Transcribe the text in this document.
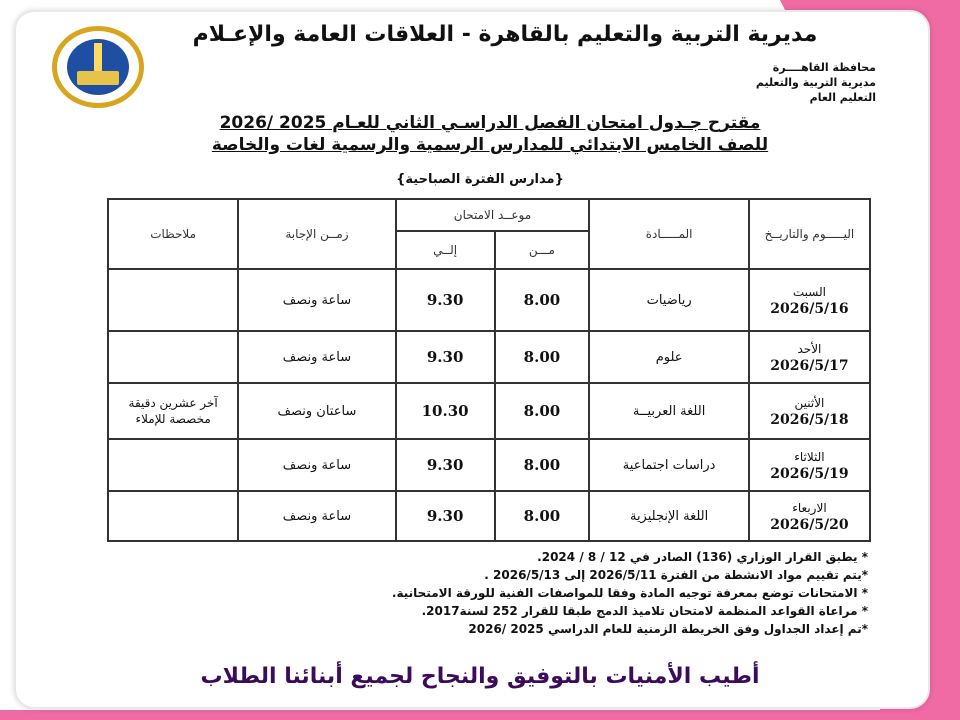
مديرية التربية والتعليم بالقاهرة - العلاقات العامة والإعـلام
محافظة القاهــــرة
مديرية التربية والتعليم
التعليم العام
مقترح جـدول امتحان الفصل الدراسـي الثاني للعـام 2025 /2026
للصف الخامس الابتدائي للمدارس الرسمية والرسمية لغات والخاصة
{مدارس الفترة الصباحية}
اليـــــوم والتاريــخ	المـــــادة	موعــد الامتحان		زمــن الإجابة	ملاحظات
		مـــن	إلــي		

السبت
2026/5/16	رياضيات	8.00	9.30	ساعة ونصف	

الأحد
2026/5/17	علوم	8.00	9.30	ساعة ونصف	

الأثنين
2026/5/18	اللغة العربيــة	8.00	10.30	ساعتان ونصف	آخر عشرين دقيقة مخصصة للإملاء

الثلاثاء
2026/5/19	دراسات اجتماعية	8.00	9.30	ساعة ونصف	

الاربعاء
2026/5/20	اللغة الإنجليزية	8.00	9.30	ساعة ونصف	
* يطبق القرار الوزاري (136) الصادر في 12 / 8 / 2024.
*يتم تقييم مواد الانشطة من الفترة 2026/5/11 إلى 2026/5/13 .
* الامتحانات توضع بمعرفة توجيه المادة وفقا للمواصفات الفنية للورقة الامتحانية.
* مراعاة القواعد المنظمة لامتحان تلاميذ الدمج طبقا للقرار 252 لسنة2017.
*تم إعداد الجداول وفق الخريطة الزمنية للعام الدراسي 2025 /2026
أطيب الأمنيات بالتوفيق والنجاح لجميع أبنائنا الطلاب
